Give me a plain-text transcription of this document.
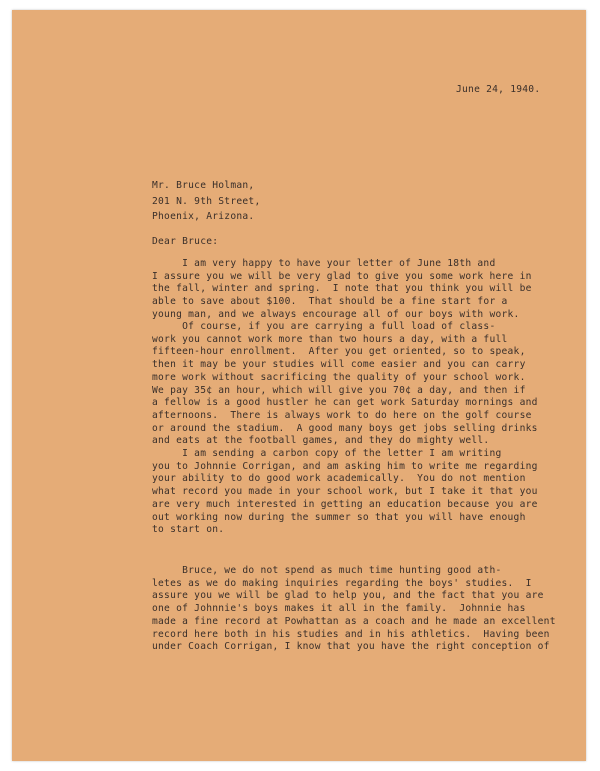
June 24, 1940.
Mr. Bruce Holman,
201 N. 9th Street,
Phoenix, Arizona.
Dear Bruce:
I am very happy to have your letter of June 18th and
I assure you we will be very glad to give you some work here in
the fall, winter and spring.  I note that you think you will be
able to save about $100.  That should be a fine start for a
young man, and we always encourage all of our boys with work.
Of course, if you are carrying a full load of class-
work you cannot work more than two hours a day, with a full
fifteen-hour enrollment.  After you get oriented, so to speak,
then it may be your studies will come easier and you can carry
more work without sacrificing the quality of your school work.
We pay 35¢ an hour, which will give you 70¢ a day, and then if
a fellow is a good hustler he can get work Saturday mornings and
afternoons.  There is always work to do here on the golf course
or around the stadium.  A good many boys get jobs selling drinks
and eats at the football games, and they do mighty well.
I am sending a carbon copy of the letter I am writing
you to Johnnie Corrigan, and am asking him to write me regarding
your ability to do good work academically.  You do not mention
what record you made in your school work, but I take it that you
are very much interested in getting an education because you are
out working now during the summer so that you will have enough
to start on.
Bruce, we do not spend as much time hunting good ath-
letes as we do making inquiries regarding the boys' studies.  I
assure you we will be glad to help you, and the fact that you are
one of Johnnie's boys makes it all in the family.  Johnnie has
made a fine record at Powhattan as a coach and he made an excellent
record here both in his studies and in his athletics.  Having been
under Coach Corrigan, I know that you have the right conception of
